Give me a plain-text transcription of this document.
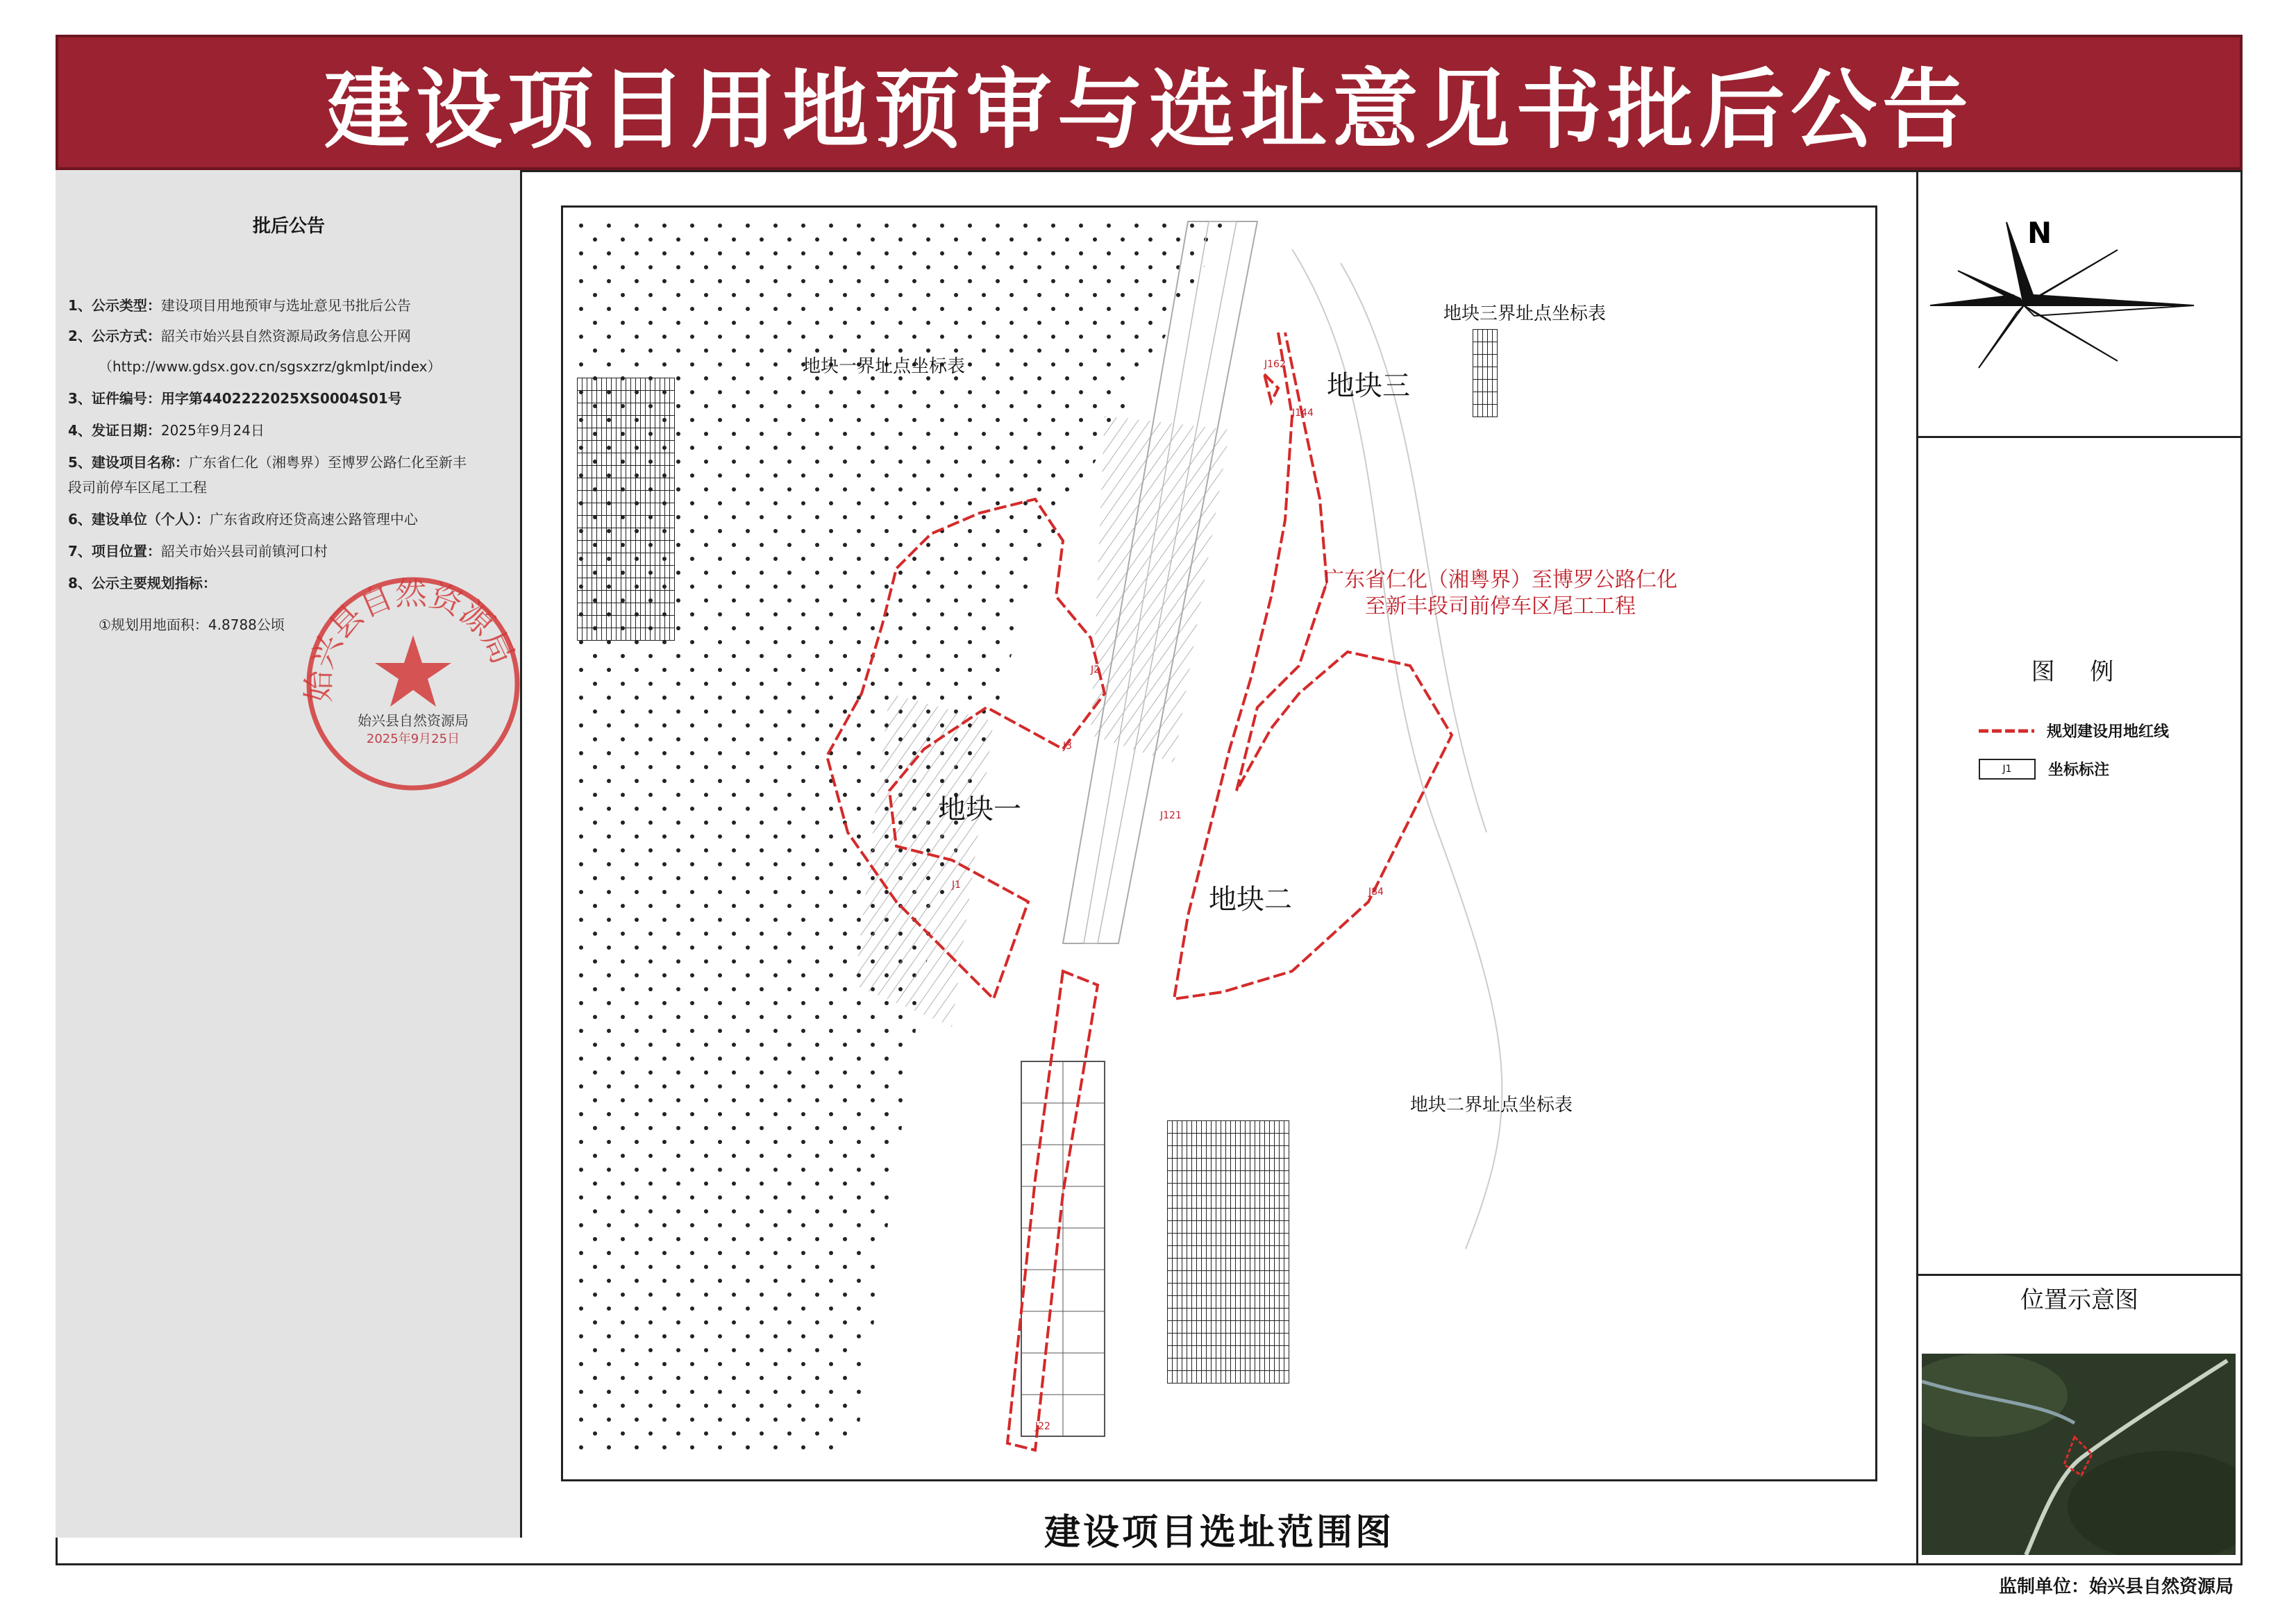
建设项目用地预审与选址意见书批后公告
批后公告
1、公示类型：建设项目用地预审与选址意见书批后公告
2、公示方式：韶关市始兴县自然资源局政务信息公开网
（http://www.gdsx.gov.cn/sgsxzrz/gkmlpt/index）
3、证件编号：用字第4402222025XS0004S01号
4、发证日期：2025年9月24日
5、建设项目名称：广东省仁化（湘粤界）至博罗公路仁化至新丰
段司前停车区尾工工程
6、建设单位（个人）：广东省政府还贷高速公路管理中心
7、项目位置：韶关市始兴县司前镇河口村
8、公示主要规划指标：
①规划用地面积：4.8788公顷
始兴县自然资源局
始兴县自然资源局
2025年9月25日
J1
J2
J3
J121
J84
J144
J162
J22
地块一
地块二
地块三
广东省仁化（湘粤界）至博罗公路仁化
至新丰段司前停车区尾工工程
地块一界址点坐标表

地块三界址点坐标表

地块二界址点坐标表

建设项目选址范围图
N
图 例
规划建设用地红线
J1	坐标标注
位置示意图
监制单位：始兴县自然资源局
